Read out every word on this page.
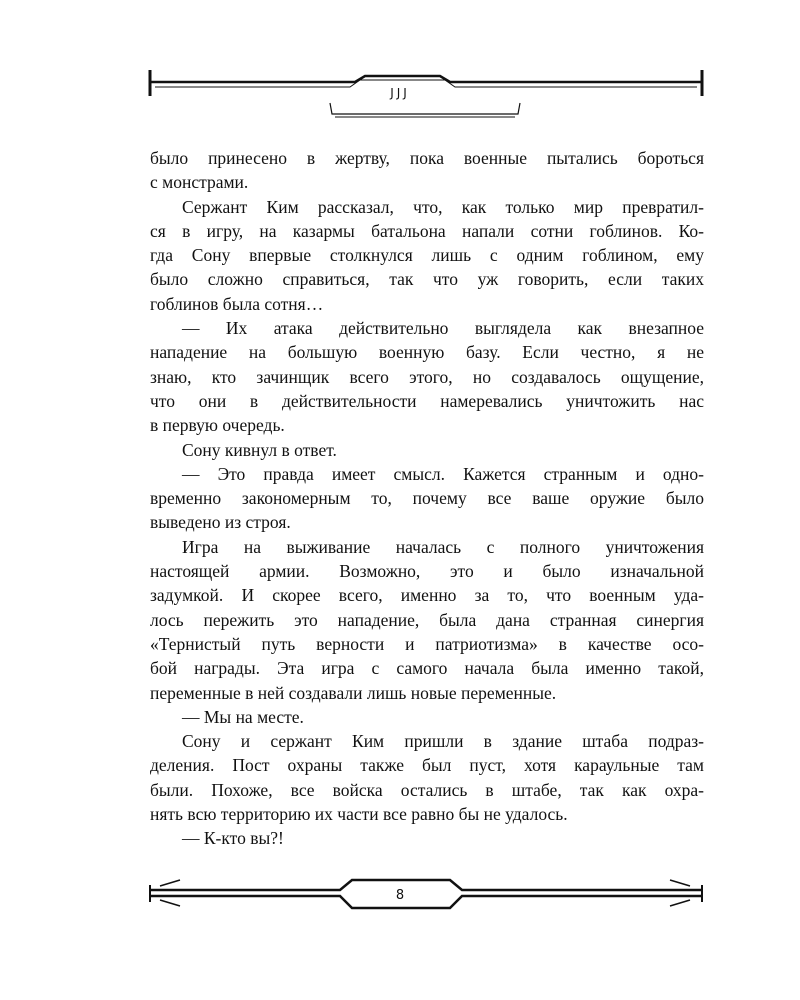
ЈЈЈ
было принесено в жертву, пока военные пытались бороться
с монстрами.
Сержант Ким рассказал, что, как только мир превратил-
ся в игру, на казармы батальона напали сотни гоблинов. Ко-
гда Сону впервые столкнулся лишь с одним гоблином, ему
было сложно справиться, так что уж говорить, если таких
гоблинов была сотня…
— Их атака действительно выглядела как внезапное
нападение на большую военную базу. Если честно, я не
знаю, кто зачинщик всего этого, но создавалось ощущение,
что они в действительности намеревались уничтожить нас
в первую очередь.
Сону кивнул в ответ.
— Это правда имеет смысл. Кажется странным и одно-
временно закономерным то, почему все ваше оружие было
выведено из строя.
Игра на выживание началась с полного уничтожения
настоящей армии. Возможно, это и было изначальной
задумкой. И скорее всего, именно за то, что военным уда-
лось пережить это нападение, была дана странная синергия
«Тернистый путь верности и патриотизма» в качестве осо-
бой награды. Эта игра с самого начала была именно такой,
переменные в ней создавали лишь новые переменные.
— Мы на месте.
Сону и сержант Ким пришли в здание штаба подраз-
деления. Пост охраны также был пуст, хотя караульные там
были. Похоже, все войска остались в штабе, так как охра-
нять всю территорию их части все равно бы не удалось.
— К-кто вы?!
8
